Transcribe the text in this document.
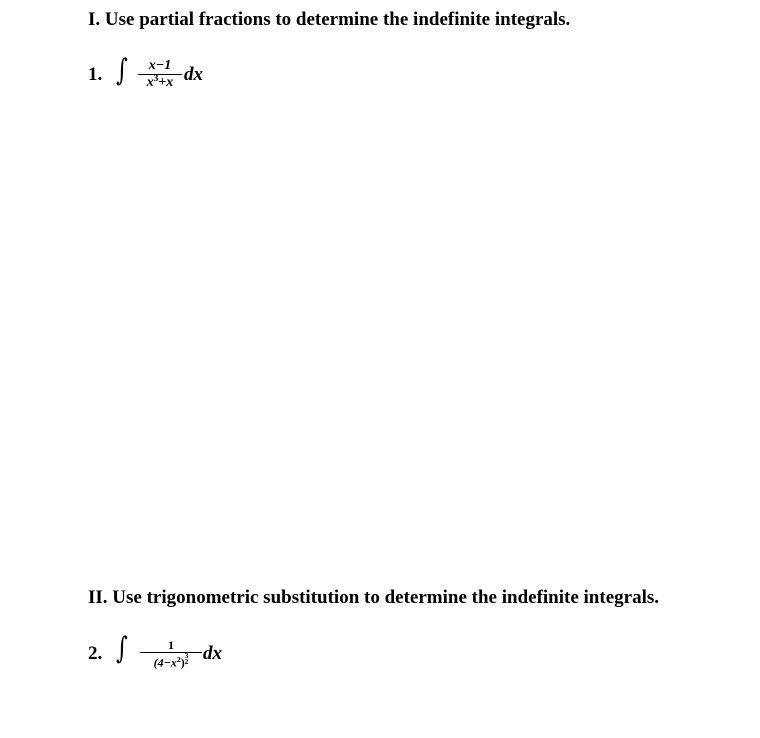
I. Use partial fractions to determine the indefinite integrals.
1. ∫	x−1
$x^3+x$ dx
II. Use trigonometric substitution to determine the indefinite integrals.
2. ∫	1
$(4-x^2)$ 3
2 dx
